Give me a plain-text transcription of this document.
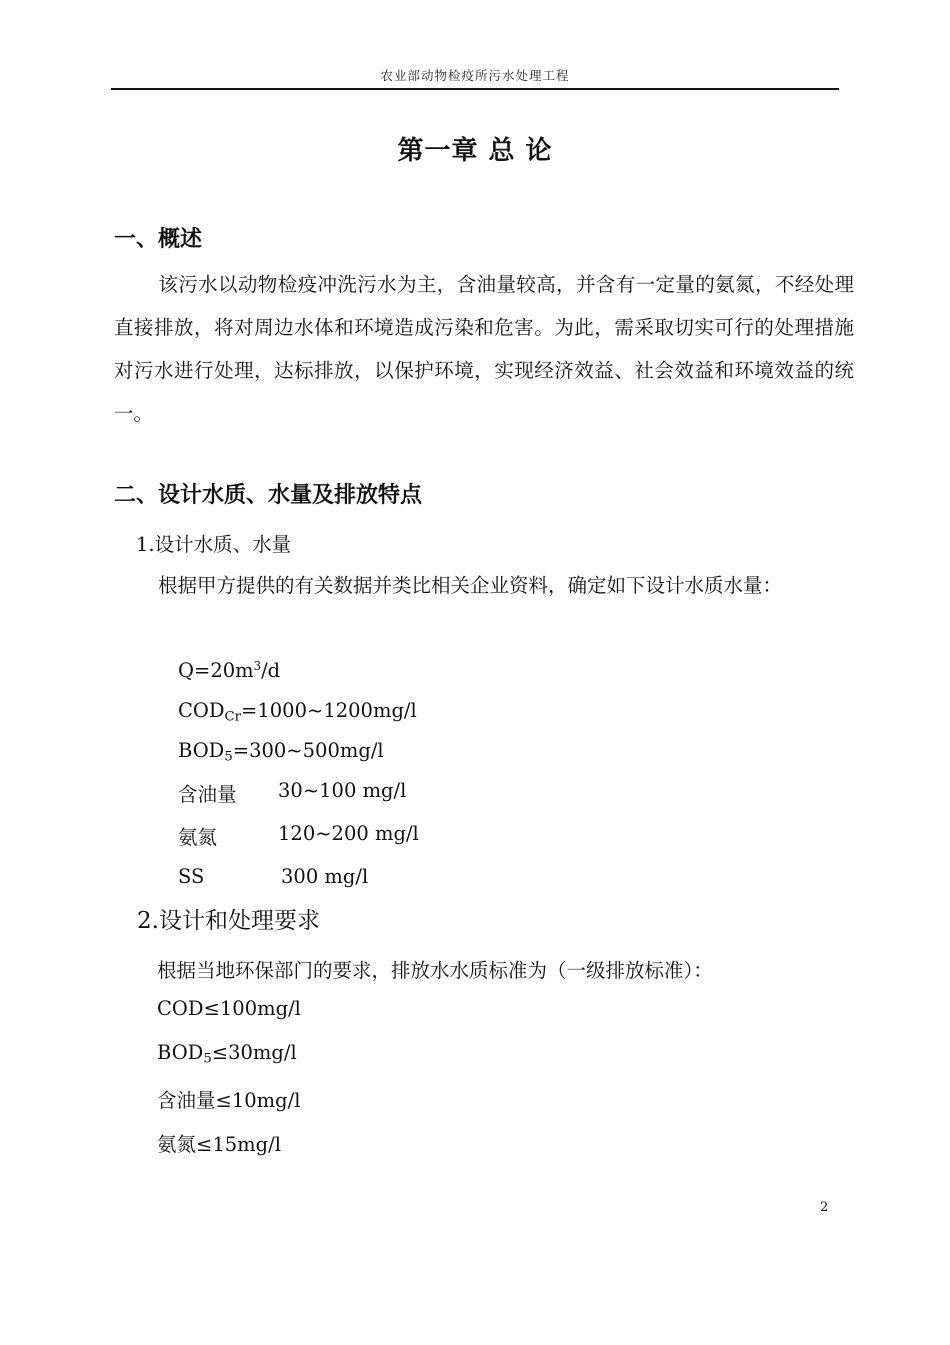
农业部动物检疫所污水处理工程
第一章 总 论
一、概述
该污水以动物检疫冲洗污水为主，含油量较高，并含有一定量的氨氮，不经处理直接排放，将对周边水体和环境造成污染和危害。为此，需采取切实可行的处理措施对污水进行处理，达标排放，以保护环境，实现经济效益、社会效益和环境效益的统一。
二、设计水质、水量及排放特点
1.设计水质、水量
根据甲方提供的有关数据并类比相关企业资料，确定如下设计水质水量：
$Q=20m^3/d$
$COD_{Cr}=1000\sim 1200mg/l$
$BOD_5=300\sim 500mg/l$
含油量 30~100 mg/l
氨氮	120~200 mg/l
SS	300 mg/l
2.设计和处理要求
根据当地环保部门的要求，排放水水质标准为（一级排放标准）：
COD≤100mg/l
$BOD_5\le 30mg/l$
含油量≤10mg/l
氨氮≤15mg/l
2
